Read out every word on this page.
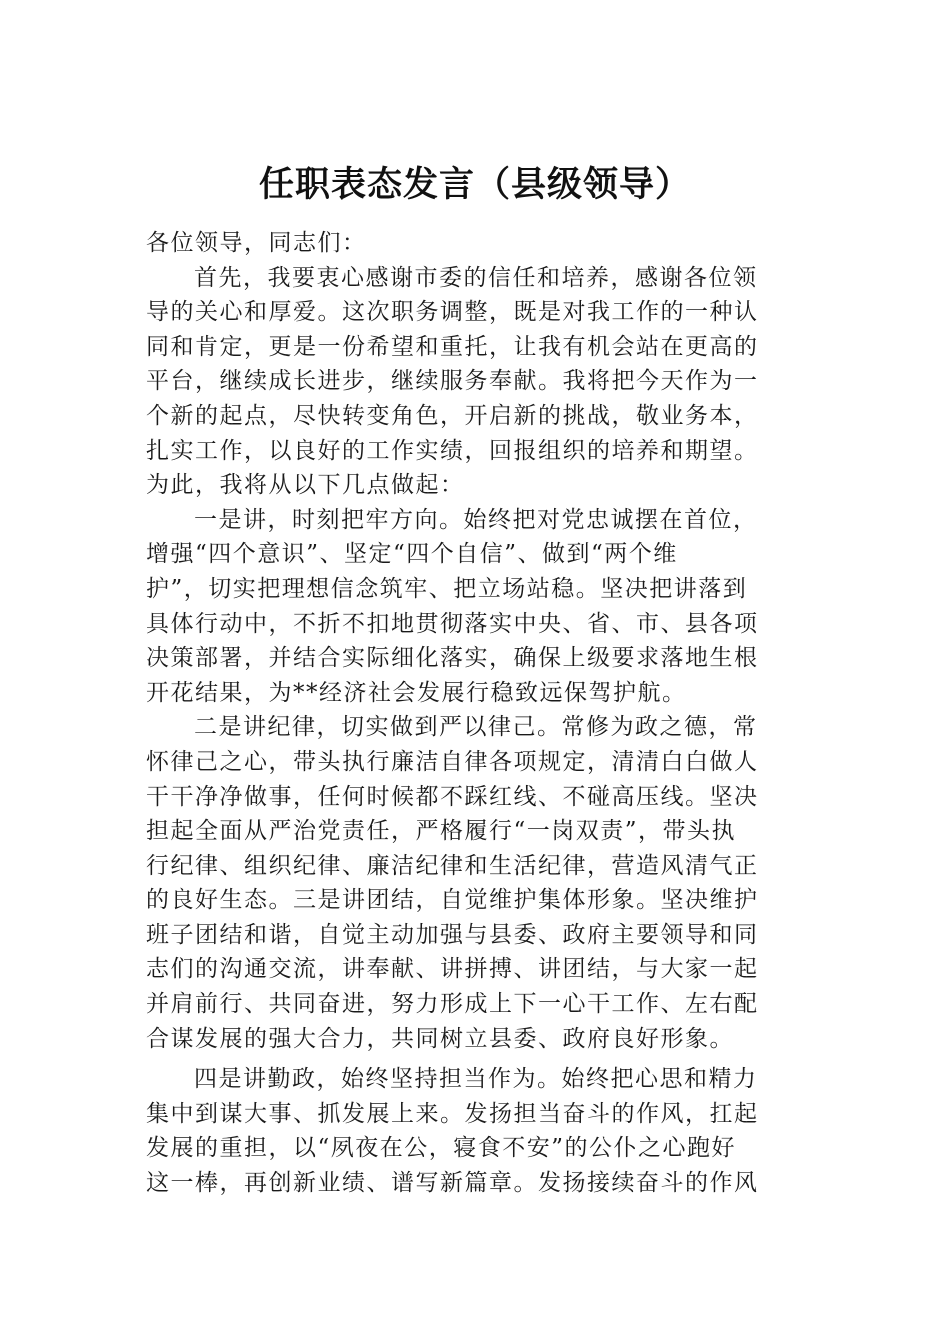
任职表态发言（县级领导）
各位领导，同志们：
首先，我要衷心感谢市委的信任和培养，感谢各位领
导的关心和厚爱。这次职务调整，既是对我工作的一种认
同和肯定，更是一份希望和重托，让我有机会站在更高的
平台，继续成长进步，继续服务奉献。我将把今天作为一
个新的起点，尽快转变角色，开启新的挑战，敬业务本，
扎实工作，以良好的工作实绩，回报组织的培养和期望。
为此，我将从以下几点做起：
一是讲，时刻把牢方向。始终把对党忠诚摆在首位，
增强“四个意识”、坚定“四个自信”、做到“两个维
护”，切实把理想信念筑牢、把立场站稳。坚决把讲落到
具体行动中，不折不扣地贯彻落实中央、省、市、县各项
决策部署，并结合实际细化落实，确保上级要求落地生根
开花结果，为**经济社会发展行稳致远保驾护航。
二是讲纪律，切实做到严以律己。常修为政之德，常
怀律己之心，带头执行廉洁自律各项规定，清清白白做人
干干净净做事，任何时候都不踩红线、不碰高压线。坚决
担起全面从严治党责任，严格履行“一岗双责”，带头执
行纪律、组织纪律、廉洁纪律和生活纪律，营造风清气正
的良好生态。三是讲团结，自觉维护集体形象。坚决维护
班子团结和谐，自觉主动加强与县委、政府主要领导和同
志们的沟通交流，讲奉献、讲拼搏、讲团结，与大家一起
并肩前行、共同奋进，努力形成上下一心干工作、左右配
合谋发展的强大合力，共同树立县委、政府良好形象。
四是讲勤政，始终坚持担当作为。始终把心思和精力
集中到谋大事、抓发展上来。发扬担当奋斗的作风，扛起
发展的重担，以“夙夜在公，寝食不安”的公仆之心跑好
这一棒，再创新业绩、谱写新篇章。发扬接续奋斗的作风
